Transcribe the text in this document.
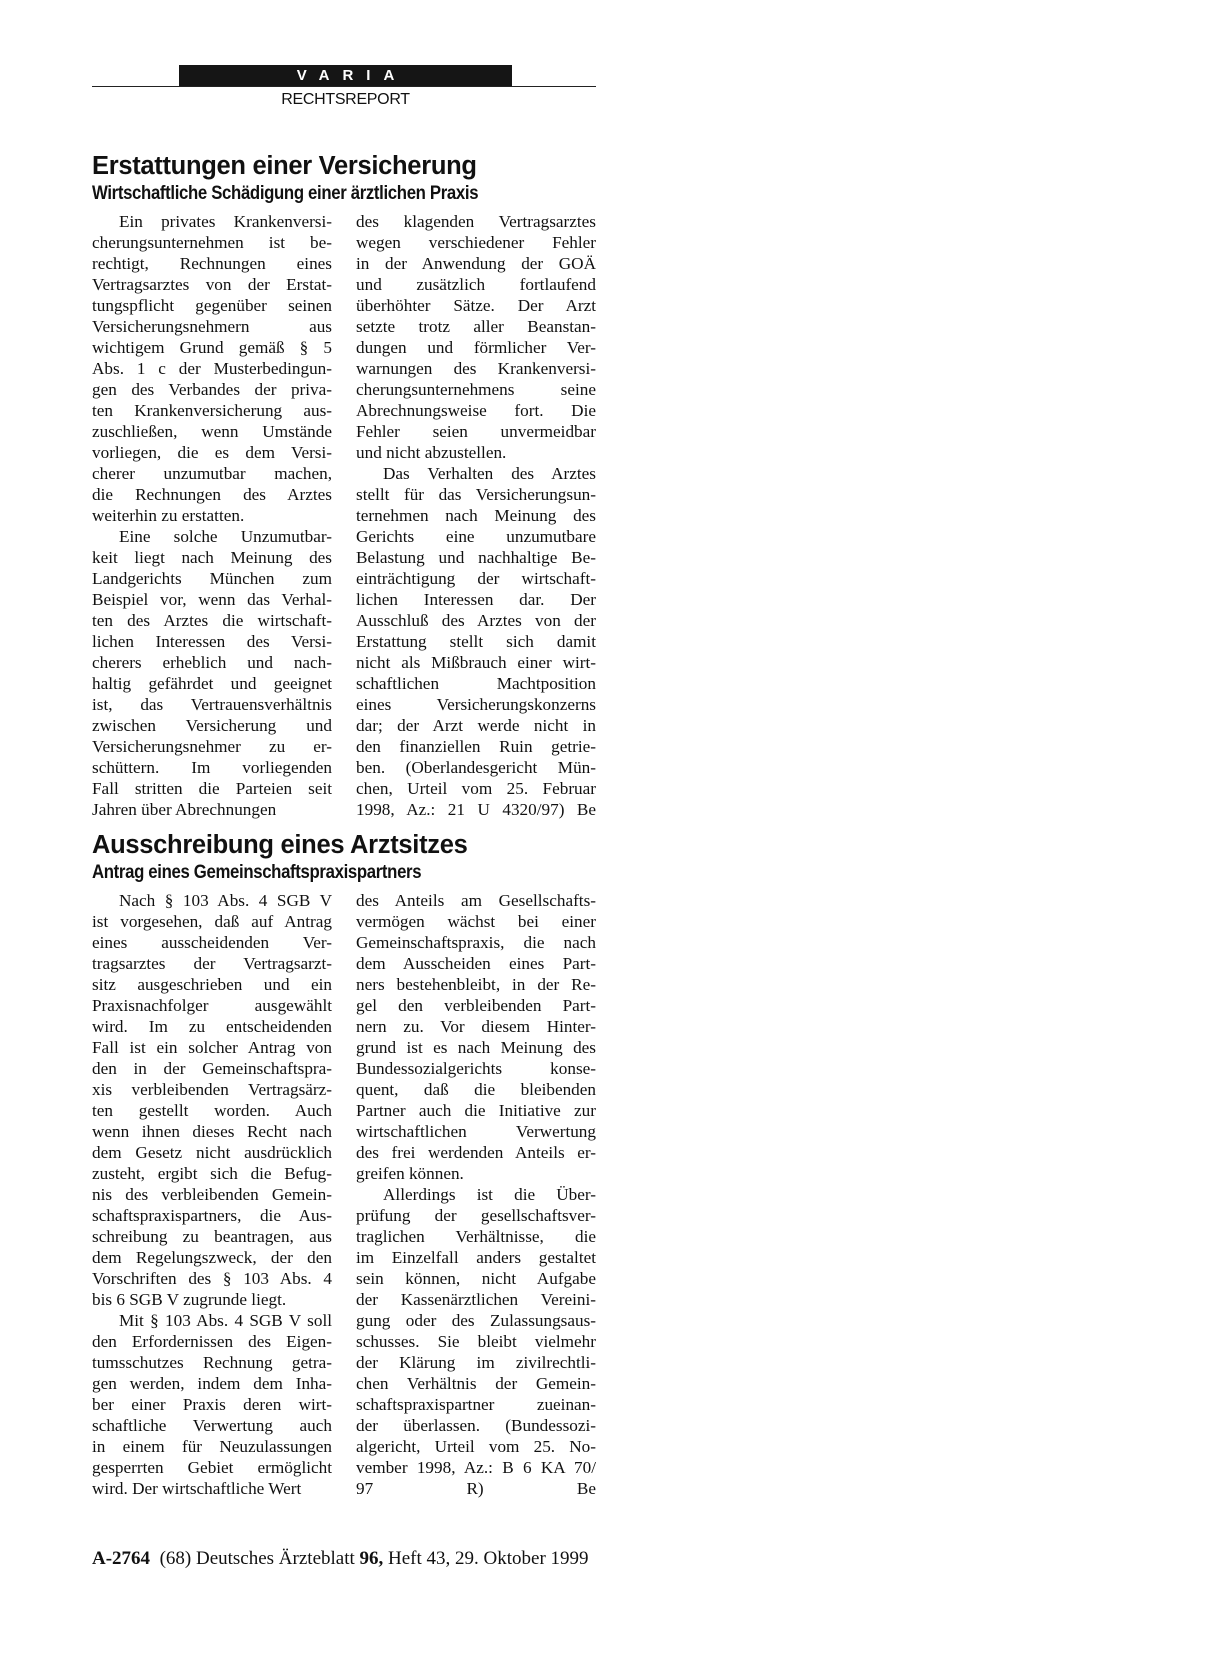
VARIA
RECHTSREPORT
Erstattungen einer Versicherung
Wirtschaftliche Schädigung einer ärztlichen Praxis
Ein privates Krankenversi-
cherungsunternehmen ist be-
rechtigt, Rechnungen eines
Vertragsarztes von der Erstat-
tungspflicht gegenüber seinen
Versicherungsnehmern aus
wichtigem Grund gemäß § 5
Abs. 1 c der Musterbedingun-
gen des Verbandes der priva-
ten Krankenversicherung aus-
zuschließen, wenn Umstände
vorliegen, die es dem Versi-
cherer unzumutbar machen,
die Rechnungen des Arztes
weiterhin zu erstatten.
Eine solche Unzumutbar-
keit liegt nach Meinung des
Landgerichts München zum
Beispiel vor, wenn das Verhal-
ten des Arztes die wirtschaft-
lichen Interessen des Versi-
cherers erheblich und nach-
haltig gefährdet und geeignet
ist, das Vertrauensverhältnis
zwischen Versicherung und
Versicherungsnehmer zu er-
schüttern. Im vorliegenden
Fall stritten die Parteien seit
Jahren über Abrechnungen
des klagenden Vertragsarztes
wegen verschiedener Fehler
in der Anwendung der GOÄ
und zusätzlich fortlaufend
überhöhter Sätze. Der Arzt
setzte trotz aller Beanstan-
dungen und förmlicher Ver-
warnungen des Krankenversi-
cherungsunternehmens seine
Abrechnungsweise fort. Die
Fehler seien unvermeidbar
und nicht abzustellen.
Das Verhalten des Arztes
stellt für das Versicherungsun-
ternehmen nach Meinung des
Gerichts eine unzumutbare
Belastung und nachhaltige Be-
einträchtigung der wirtschaft-
lichen Interessen dar. Der
Ausschluß des Arztes von der
Erstattung stellt sich damit
nicht als Mißbrauch einer wirt-
schaftlichen Machtposition
eines Versicherungskonzerns
dar; der Arzt werde nicht in
den finanziellen Ruin getrie-
ben. (Oberlandesgericht Mün-
chen, Urteil vom 25. Februar
1998, Az.: 21 U 4320/97) Be
Ausschreibung eines Arztsitzes
Antrag eines Gemeinschaftspraxispartners
Nach § 103 Abs. 4 SGB V
ist vorgesehen, daß auf Antrag
eines ausscheidenden Ver-
tragsarztes der Vertragsarzt-
sitz ausgeschrieben und ein
Praxisnachfolger ausgewählt
wird. Im zu entscheidenden
Fall ist ein solcher Antrag von
den in der Gemeinschaftspra-
xis verbleibenden Vertragsärz-
ten gestellt worden. Auch
wenn ihnen dieses Recht nach
dem Gesetz nicht ausdrücklich
zusteht, ergibt sich die Befug-
nis des verbleibenden Gemein-
schaftspraxispartners, die Aus-
schreibung zu beantragen, aus
dem Regelungszweck, der den
Vorschriften des § 103 Abs. 4
bis 6 SGB V zugrunde liegt.
Mit § 103 Abs. 4 SGB V soll
den Erfordernissen des Eigen-
tumsschutzes Rechnung getra-
gen werden, indem dem Inha-
ber einer Praxis deren wirt-
schaftliche Verwertung auch
in einem für Neuzulassungen
gesperrten Gebiet ermöglicht
wird. Der wirtschaftliche Wert
des Anteils am Gesellschafts-
vermögen wächst bei einer
Gemeinschaftspraxis, die nach
dem Ausscheiden eines Part-
ners bestehenbleibt, in der Re-
gel den verbleibenden Part-
nern zu. Vor diesem Hinter-
grund ist es nach Meinung des
Bundessozialgerichts konse-
quent, daß die bleibenden
Partner auch die Initiative zur
wirtschaftlichen Verwertung
des frei werdenden Anteils er-
greifen können.
Allerdings ist die Über-
prüfung der gesellschaftsver-
traglichen Verhältnisse, die
im Einzelfall anders gestaltet
sein können, nicht Aufgabe
der Kassenärztlichen Vereini-
gung oder des Zulassungsaus-
schusses. Sie bleibt vielmehr
der Klärung im zivilrechtli-
chen Verhältnis der Gemein-
schaftspraxispartner zueinan-
der überlassen. (Bundessozi-
algericht, Urteil vom 25. No-
vember 1998, Az.: B 6 KA 70/
97 R) Be
A-2764 (68) Deutsches Ärzteblatt 96, Heft 43, 29. Oktober 1999
